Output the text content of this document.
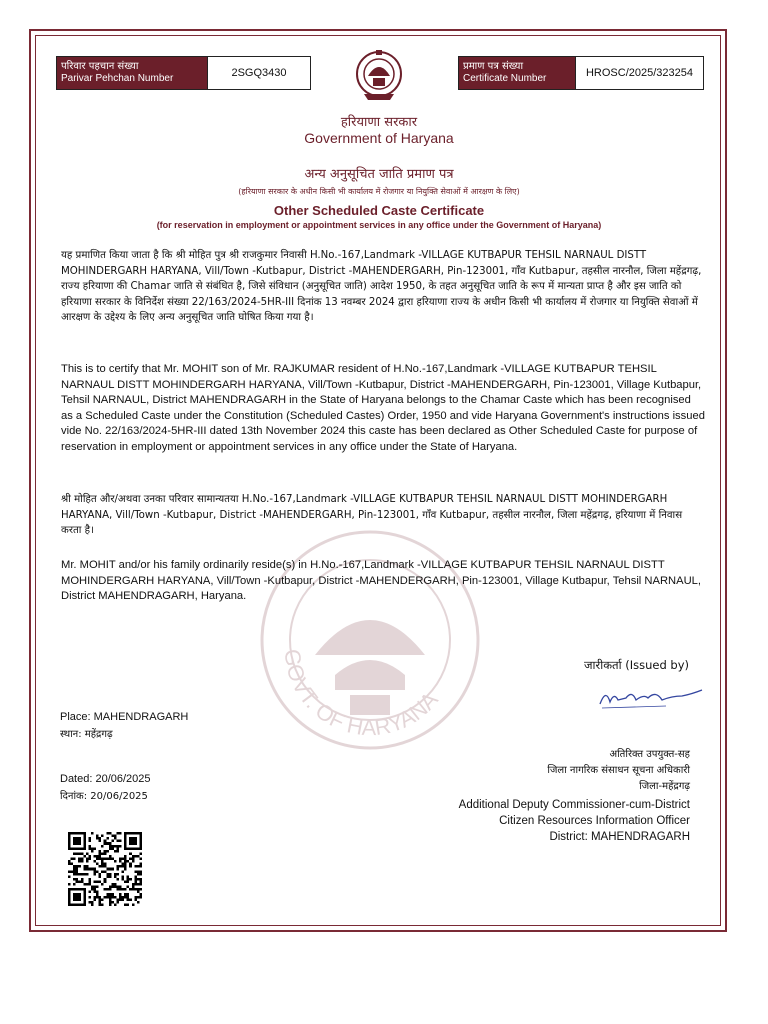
GOVT. OF HARYANA
परिवार पहचान संख्या
Parivar Pehchan Number	2SGQ3430
प्रमाण पत्र संख्या
Certificate Number	HROSC/2025/323254
हरियाणा सरकार
Government of Haryana
अन्य अनुसूचित जाति प्रमाण पत्र
(हरियाणा सरकार के अधीन किसी भी कार्यालय में रोजगार या नियुक्ति सेवाओं में आरक्षण के लिए)
Other Scheduled Caste Certificate
(for reservation in employment or appointment services in any office under the Government of Haryana)

यह प्रमाणित किया जाता है कि श्री मोहित पुत्र श्री राजकुमार निवासी H.No.-167,Landmark -VILLAGE KUTBAPUR TEHSIL NARNAUL DISTT MOHINDERGARH HARYANA, Vill/Town -Kutbapur, District -MAHENDERGARH, Pin-123001, गाँव Kutbapur, तहसील नारनौल, जिला महेंद्रगढ़, राज्य हरियाणा की Chamar जाति से संबंधित है, जिसे संविधान (अनुसूचित जाति) आदेश 1950, के तहत अनुसूचित जाति के रूप में मान्यता प्राप्त है और इस जाति को हरियाणा सरकार के विनिर्देश संख्या 22/163/2024-5HR-III दिनांक 13 नवम्बर 2024 द्वारा हरियाणा राज्य के अधीन किसी भी कार्यालय में रोजगार या नियुक्ति सेवाओं में आरक्षण के उद्देश्य के लिए अन्य अनुसूचित जाति घोषित किया गया है।

This is to certify that Mr. MOHIT son of Mr. RAJKUMAR resident of H.No.-167,Landmark -VILLAGE KUTBAPUR TEHSIL NARNAUL DISTT MOHINDERGARH HARYANA, Vill/Town -Kutbapur, District -MAHENDERGARH, Pin-123001, Village Kutbapur, Tehsil NARNAUL, District MAHENDRAGARH in the State of Haryana belongs to the Chamar Caste which has been recognised as a Scheduled Caste under the Constitution (Scheduled Castes) Order, 1950 and vide Haryana Government's instructions issued vide No. 22/163/2024-5HR-III dated 13th November 2024 this caste has been declared as Other Scheduled Caste for purpose of reservation in employment or appointment services in any office under the State of Haryana.

श्री मोहित और/अथवा उनका परिवार सामान्यतया H.No.-167,Landmark -VILLAGE KUTBAPUR TEHSIL NARNAUL DISTT MOHINDERGARH HARYANA, Vill/Town -Kutbapur, District -MAHENDERGARH, Pin-123001, गाँव Kutbapur, तहसील नारनौल, जिला महेंद्रगढ़, हरियाणा में निवास करता है।

Mr. MOHIT and/or his family ordinarily reside(s) in H.No.-167,Landmark -VILLAGE KUTBAPUR TEHSIL NARNAUL DISTT MOHINDERGARH HARYANA, Vill/Town -Kutbapur, District -MAHENDERGARH, Pin-123001, Village Kutbapur, Tehsil NARNAUL, District MAHENDRAGARH, Haryana.

जारीकर्ता (Issued by)
Place: MAHENDRAGARH
स्थान: महेंद्रगढ़
Dated: 20/06/2025
दिनांक: 20/06/2025
अतिरिक्त उपयुक्त-सह
जिला नागरिक संसाधन सूचना अधिकारी
जिला-महेंद्रगढ़
Additional Deputy Commissioner-cum-District
Citizen Resources Information Officer
District: MAHENDRAGARH
